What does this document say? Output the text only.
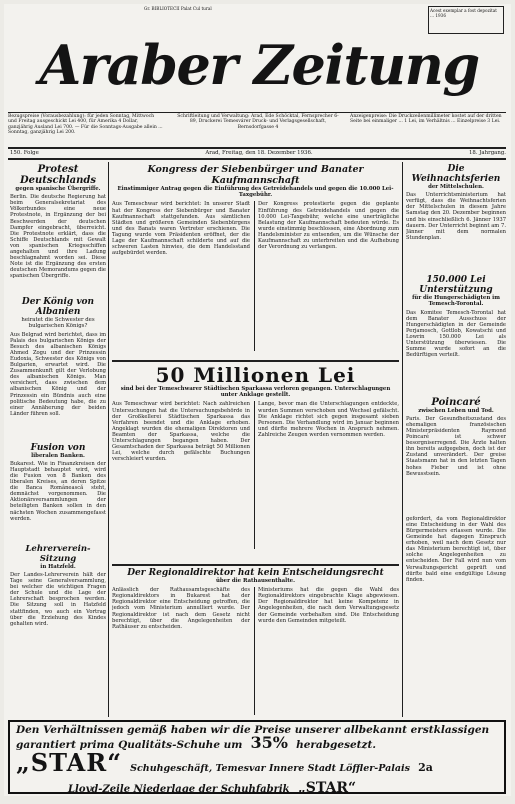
Gr. BIBLIOTECII Palat Cul tural	Acest exemplar a fost depozitat ... 1936
Araber Zeitung
Bezugspreise (Vorausbezahlung): für jeden Sonntag, Mittwoch und Freitag ausgeschickt Lei 400, für Amerika 4 Dollar, ganzjährig Ausland Lei 700. — Für die Sonntags-Ausgabe allein ... Sonntag, ganzjährig Lei 200.
Schriftleitung und Verwaltung: Arad, Ede Schöcktal, Fernsprecher 6-89, Druckerei Temesvárer Druck- und Verlagsgesellschaft, Bernsdorfgasse 4
Anzeigenpreise: Die Druckzeilenmillimeter kostet auf der dritten Seite bei einmaliger ... 1 Lei, im Verhältnis ... Einzelpreise 3 Lei.
150. Folge	Arad, Freitag, den 18. Dezember 1936.	18. Jahrgang.
Protest Deutschlands
gegen spanische Übergriffe.
Berlin. Die deutsche Regierung hat beim Generalsekretariat des Völkerbundes eine neue Protestnote, in Ergänzung der bei Beschwerden der deutschen Dampfer eingebracht, überreicht. Die Protestnote erklärt, dass die Schiffe Deutschlands mit Gewalt von spanischen Kriegsschiffen angehalten und ihre Ladung beschlagnahmt worden sei. Diese Note ist die Ergänzung des ersten deutschen Memorandums gegen die spanischen Übergriffe.
Der König von Albanien
heiratet die Schwester des bulgarischen Königs?
Aus Belgrad wird berichtet, dass im Palais des bulgarischen Königs der Besuch des albanischen Königs Ahmed Zogu und der Prinzessin Eudoxia, Schwester des Königs von Bulgarien, erwartet wird. Die Zusammenkunft gilt der Verlobung des albanischen Königs. Man versichert, dass zwischen dem albanischen König und der Prinzessin ein Bündnis auch eine politische Bedeutung habe, die zu einer Annäherung der beiden Länder führen soll.
Fusion von
liberalen Banken.
Bukarest. Wie in Finanzkreisen der Hauptstadt behauptet wird, wird die Fusion von 8 Banken des liberalen Kreises, an deren Spitze die Banca Românească steht, demnächst vorgenommen. Die Aktionärsversammlungen der beteiligten Banken sollen in den nächsten Wochen zusammengefasst werden.
Lehrerverein-Sitzung
in Hatzfeld.
Der Landes-Lehrerverein hält der Tage seine Generalversammlung, bei welcher die wichtigen Fragen der Schule und die Lage der Lehrerschaft besprochen werden. Die Sitzung soll in Hatzfeld stattfinden, wo auch ein Vortrag über die Erziehung des Kindes gehalten wird.
Kongress der Siebenbürger und Banater Kaufmannschaft
Einstimmiger Antrag gegen die Einführung des Getreidehandels und gegen die 10.000 Lei-Taxgebühr.
Aus Temeschwar wird berichtet: In unserer Stadt hat der Kongress der Siebenbürger und Banater Kaufmannschaft stattgefunden. Aus sämtlichen Städten und größeren Gemeinden Siebenbürgens und des Banats waren Vertreter erschienen. Die Tagung wurde vom Präsidenten eröffnet, der die Lage der Kaufmannschaft schilderte und auf die schweren Lasten hinwies, die dem Handelsstand aufgebürdet werden.
Der Kongress protestierte gegen die geplante Einführung des Getreidehandels und gegen die 10.000 Lei-Taxgebühr, welche eine unerträgliche Belastung der Kaufmannschaft bedeuten würde. Es wurde einstimmig beschlossen, eine Abordnung zum Handelsminister zu entsenden, um die Wünsche der Kaufmannschaft zu unterbreiten und die Aufhebung der Verordnung zu verlangen.
50 Millionen Lei
sind bei der Temeschwarer Städtischen Sparkassa verloren gegangen. Unterschlagungen unter Anklage gestellt.
Aus Temeschwar wird berichtet: Nach zahlreichen Untersuchungen hat die Untersuchungsbehörde in der Großkellerei Städtischen Sparkassa das Verfahren beendet und die Anklage erhoben. Angeklagt wurden die ehemaligen Direktoren und Beamten der Sparkassa, welche die Unterschlagungen begangen haben. Der Gesamtschaden der Sparkassa beträgt 50 Millionen Lei, welche durch gefälschte Buchungen verschleiert wurden.
Lange, bevor man die Unterschlagungen entdeckte, wurden Summen verschoben und Wechsel gefälscht. Die Anklage richtet sich gegen insgesamt sieben Personen. Die Verhandlung wird im Januar beginnen und dürfte mehrere Wochen in Anspruch nehmen. Zahlreiche Zeugen werden vernommen werden.
Der Regionaldirektor hat kein Entscheidungsrecht
über die Rathausenthalte.
Anlässlich der Rathausamtsgeschäfte des Regionaldirektors in Bukarest hat der Regionaldirektor eine Entscheidung getroffen, die jedoch vom Ministerium annulliert wurde. Der Regionaldirektor ist nach dem Gesetz nicht berechtigt, über die Angelegenheiten der Rathäuser zu entscheiden.
Ministeriums hat die gegen die Wahl des Regionaldirektors eingebrachte Klage abgewiesen. Der Regionaldirektor hat keine Kompetenz in Angelegenheiten, die nach dem Verwaltungsgesetz der Gemeinde vorbehalten sind. Die Entscheidung wurde den Gemeinden mitgeteilt.
Die Weihnachtsferien
der Mittelschulen.
Das Unterrichtsministerium hat verfügt, dass die Weihnachtsferien der Mittelschulen in diesem Jahre Samstag den 20. Dezember beginnen und bis einschließlich 6. Jänner 1937 dauern. Der Unterricht beginnt am 7. Jänner mit dem normalen Stundenplan.
150.000 Lei Unterstützung
für die Hungerschädigten im Temesch-Torontal.
Das Komitee Temesch-Torontal hat dem Banater Ausschuss der Hungerschädigten in der Gemeinde Perjamosch, Gottlob, Kowatschi und Lowrin 150.000 Lei als Unterstützung überwiesen. Die Summe wurde sofort an die Bedürftigen verteilt.
Poincaré
zwischen Leben und Tod.
Paris. Der Gesundheitszustand des ehemaligen französischen Ministerpräsidenten Raymond Poincaré ist schwer besorgniserregend. Die Ärzte halten ihn bereits aufgegeben, doch ist der Zustand unverändert. Der greise Staatsmann hat in den letzten Tagen hohes Fieber und ist ohne Bewusstsein.
gefordert, da vom Regionaldirektor eine Entscheidung in der Wahl des Bürgermeisters erlassen wurde. Die Gemeinde hat dagegen Einspruch erhoben, weil nach dem Gesetz nur das Ministerium berechtigt ist, über solche Angelegenheiten zu entscheiden. Der Fall wird nun vom Verwaltungsgericht geprüft und dürfte bald eine endgültige Lösung finden.
Den Verhältnissen gemäß haben wir die Preise unserer allbekannt erstklassigen
garantiert prima Qualitäts-Schuhe um 35% herabgesetzt.
„STAR“ Schuhgeschäft, Temesvar Innere Stadt Löffler-Palais 2a
Lloyd-Zeile Niederlage der Schuhfabrik „STAR“
